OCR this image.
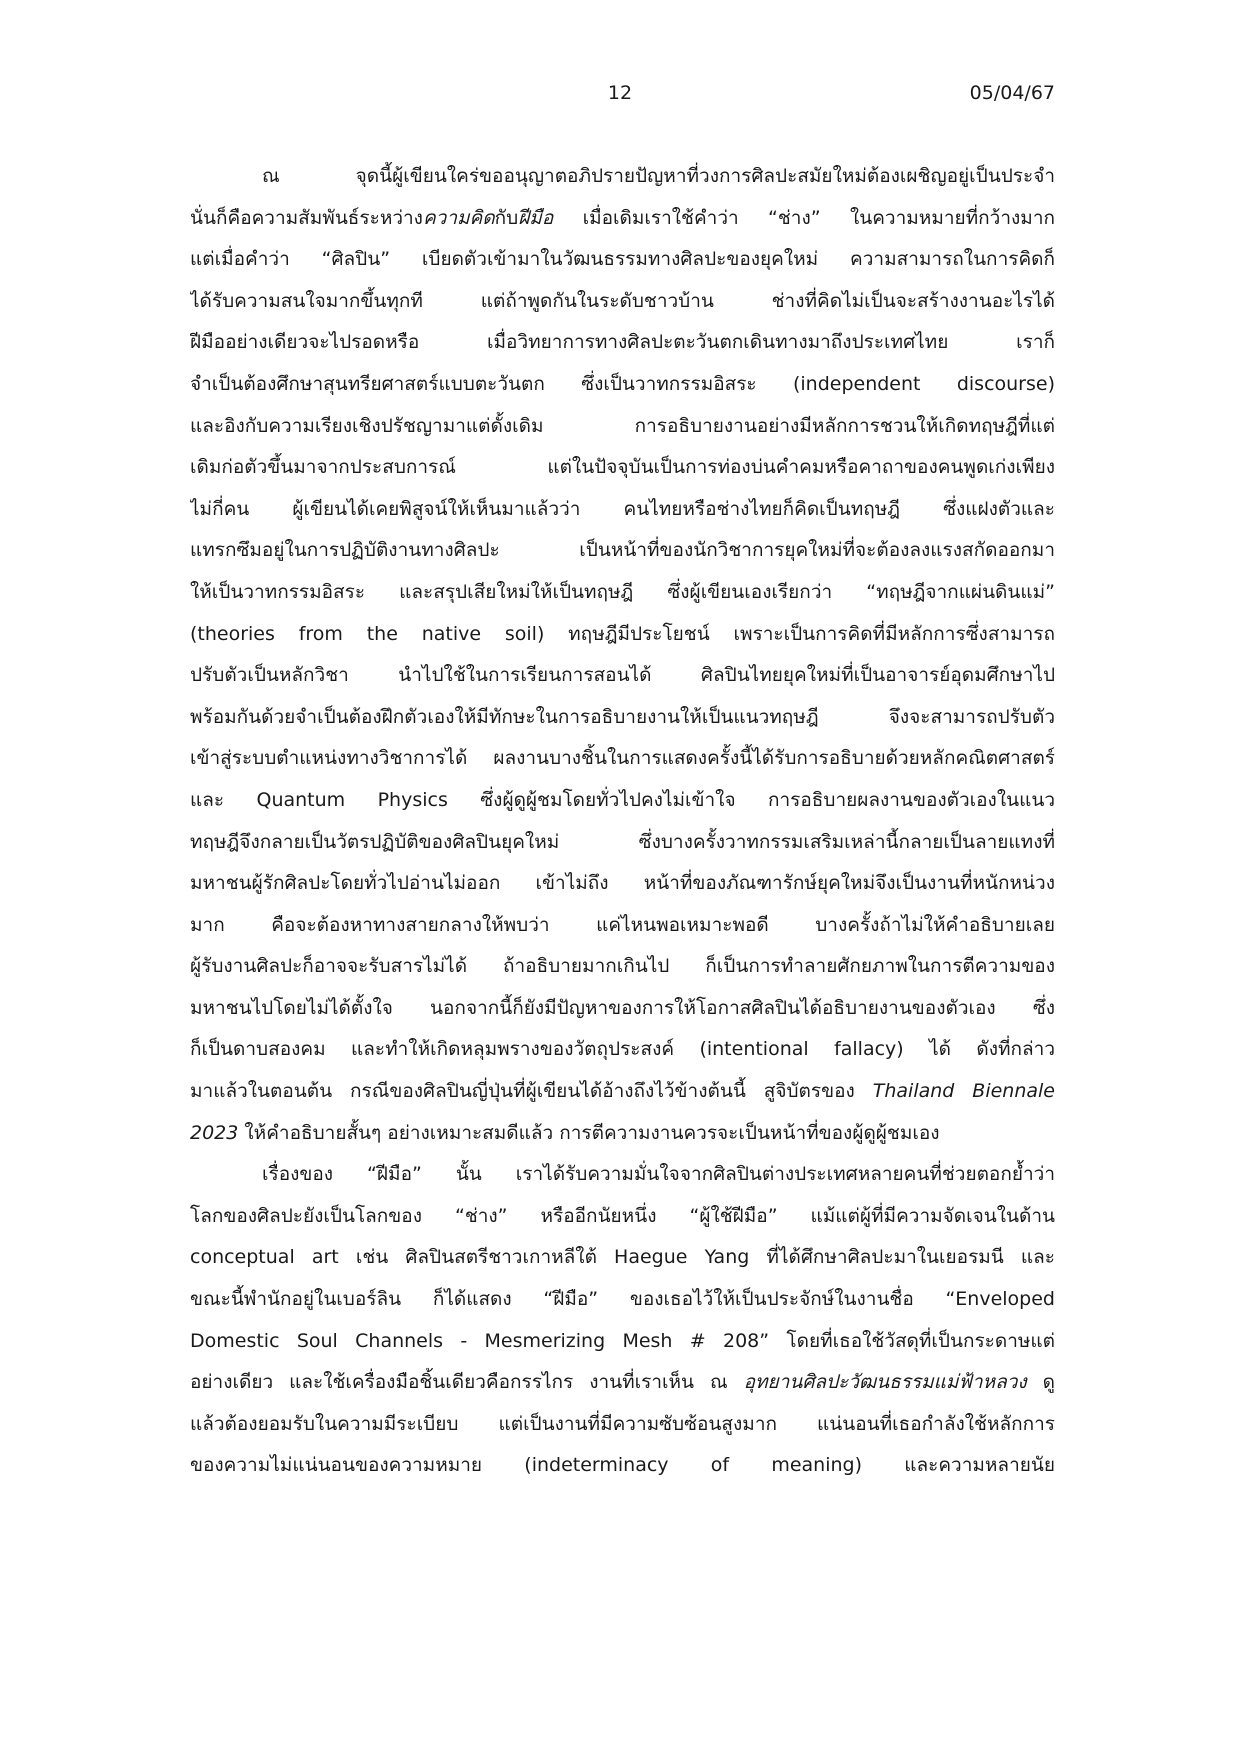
12	05/04/67
ณ จุดนี้ผู้เขียนใคร่ขออนุญาตอภิปรายปัญหาที่วงการศิลปะสมัยใหม่ต้องเผชิญอยู่เป็นประจำ
นั่นก็คือความสัมพันธ์ระหว่างความคิดกับฝีมือ เมื่อเดิมเราใช้คำว่า “ช่าง” ในความหมายที่กว้างมาก
แต่เมื่อคำว่า “ศิลปิน” เบียดตัวเข้ามาในวัฒนธรรมทางศิลปะของยุคใหม่ ความสามารถในการคิดก็
ได้รับความสนใจมากขึ้นทุกที แต่ถ้าพูดกันในระดับชาวบ้าน ช่างที่คิดไม่เป็นจะสร้างงานอะไรได้
ฝีมืออย่างเดียวจะไปรอดหรือ เมื่อวิทยาการทางศิลปะตะวันตกเดินทางมาถึงประเทศไทย เราก็
จำเป็นต้องศึกษาสุนทรียศาสตร์แบบตะวันตก ซึ่งเป็นวาทกรรมอิสระ (independent discourse)
และอิงกับความเรียงเชิงปรัชญามาแต่ดั้งเดิม การอธิบายงานอย่างมีหลักการชวนให้เกิดทฤษฎีที่แต่
เดิมก่อตัวขึ้นมาจากประสบการณ์ แต่ในปัจจุบันเป็นการท่องบ่นคำคมหรือคาถาของคนพูดเก่งเพียง
ไม่กี่คน ผู้เขียนได้เคยพิสูจน์ให้เห็นมาแล้วว่า คนไทยหรือช่างไทยก็คิดเป็นทฤษฎี ซึ่งแฝงตัวและ
แทรกซึมอยู่ในการปฏิบัติงานทางศิลปะ เป็นหน้าที่ของนักวิชาการยุคใหม่ที่จะต้องลงแรงสกัดออกมา
ให้เป็นวาทกรรมอิสระ และสรุปเสียใหม่ให้เป็นทฤษฎี ซึ่งผู้เขียนเองเรียกว่า “ทฤษฎีจากแผ่นดินแม่”
(theories from the native soil) ทฤษฎีมีประโยชน์ เพราะเป็นการคิดที่มีหลักการซึ่งสามารถ
ปรับตัวเป็นหลักวิชา นำไปใช้ในการเรียนการสอนได้ ศิลปินไทยยุคใหม่ที่เป็นอาจารย์อุดมศึกษาไป
พร้อมกันด้วยจำเป็นต้องฝึกตัวเองให้มีทักษะในการอธิบายงานให้เป็นแนวทฤษฎี จึงจะสามารถปรับตัว
เข้าสู่ระบบตำแหน่งทางวิชาการได้ ผลงานบางชิ้นในการแสดงครั้งนี้ได้รับการอธิบายด้วยหลักคณิตศาสตร์
และ Quantum Physics ซึ่งผู้ดูผู้ชมโดยทั่วไปคงไม่เข้าใจ การอธิบายผลงานของตัวเองในแนว
ทฤษฎีจึงกลายเป็นวัตรปฏิบัติของศิลปินยุคใหม่ ซึ่งบางครั้งวาทกรรมเสริมเหล่านี้กลายเป็นลายแทงที่
มหาชนผู้รักศิลปะโดยทั่วไปอ่านไม่ออก เข้าไม่ถึง หน้าที่ของภัณฑารักษ์ยุคใหม่จึงเป็นงานที่หนักหน่วง
มาก คือจะต้องหาทางสายกลางให้พบว่า แค่ไหนพอเหมาะพอดี บางครั้งถ้าไม่ให้คำอธิบายเลย
ผู้รับงานศิลปะก็อาจจะรับสารไม่ได้ ถ้าอธิบายมากเกินไป ก็เป็นการทำลายศักยภาพในการตีความของ
มหาชนไปโดยไม่ได้ตั้งใจ นอกจากนี้ก็ยังมีปัญหาของการให้โอกาสศิลปินได้อธิบายงานของตัวเอง ซึ่ง
ก็เป็นดาบสองคม และทำให้เกิดหลุมพรางของวัตถุประสงค์ (intentional fallacy) ได้ ดังที่กล่าว
มาแล้วในตอนต้น กรณีของศิลปินญี่ปุ่นที่ผู้เขียนได้อ้างถึงไว้ข้างต้นนี้ สูจิบัตรของ Thailand Biennale
2023 ให้คำอธิบายสั้นๆ อย่างเหมาะสมดีแล้ว การตีความงานควรจะเป็นหน้าที่ของผู้ดูผู้ชมเอง
เรื่องของ “ฝีมือ” นั้น เราได้รับความมั่นใจจากศิลปินต่างประเทศหลายคนที่ช่วยตอกย้ำว่า
โลกของศิลปะยังเป็นโลกของ “ช่าง” หรืออีกนัยหนึ่ง “ผู้ใช้ฝีมือ” แม้แต่ผู้ที่มีความจัดเจนในด้าน
conceptual art เช่น ศิลปินสตรีชาวเกาหลีใต้ Haegue Yang ที่ได้ศึกษาศิลปะมาในเยอรมนี และ
ขณะนี้พำนักอยู่ในเบอร์ลิน ก็ได้แสดง “ฝีมือ” ของเธอไว้ให้เป็นประจักษ์ในงานชื่อ “Enveloped
Domestic Soul Channels - Mesmerizing Mesh # 208” โดยที่เธอใช้วัสดุที่เป็นกระดาษแต่
อย่างเดียว และใช้เครื่องมือชิ้นเดียวคือกรรไกร งานที่เราเห็น ณ อุทยานศิลปะวัฒนธรรมแม่ฟ้าหลวง ดู
แล้วต้องยอมรับในความมีระเบียบ แต่เป็นงานที่มีความซับซ้อนสูงมาก แน่นอนที่เธอกำลังใช้หลักการ
ของความไม่แน่นอนของความหมาย (indeterminacy of meaning) และความหลายนัย
